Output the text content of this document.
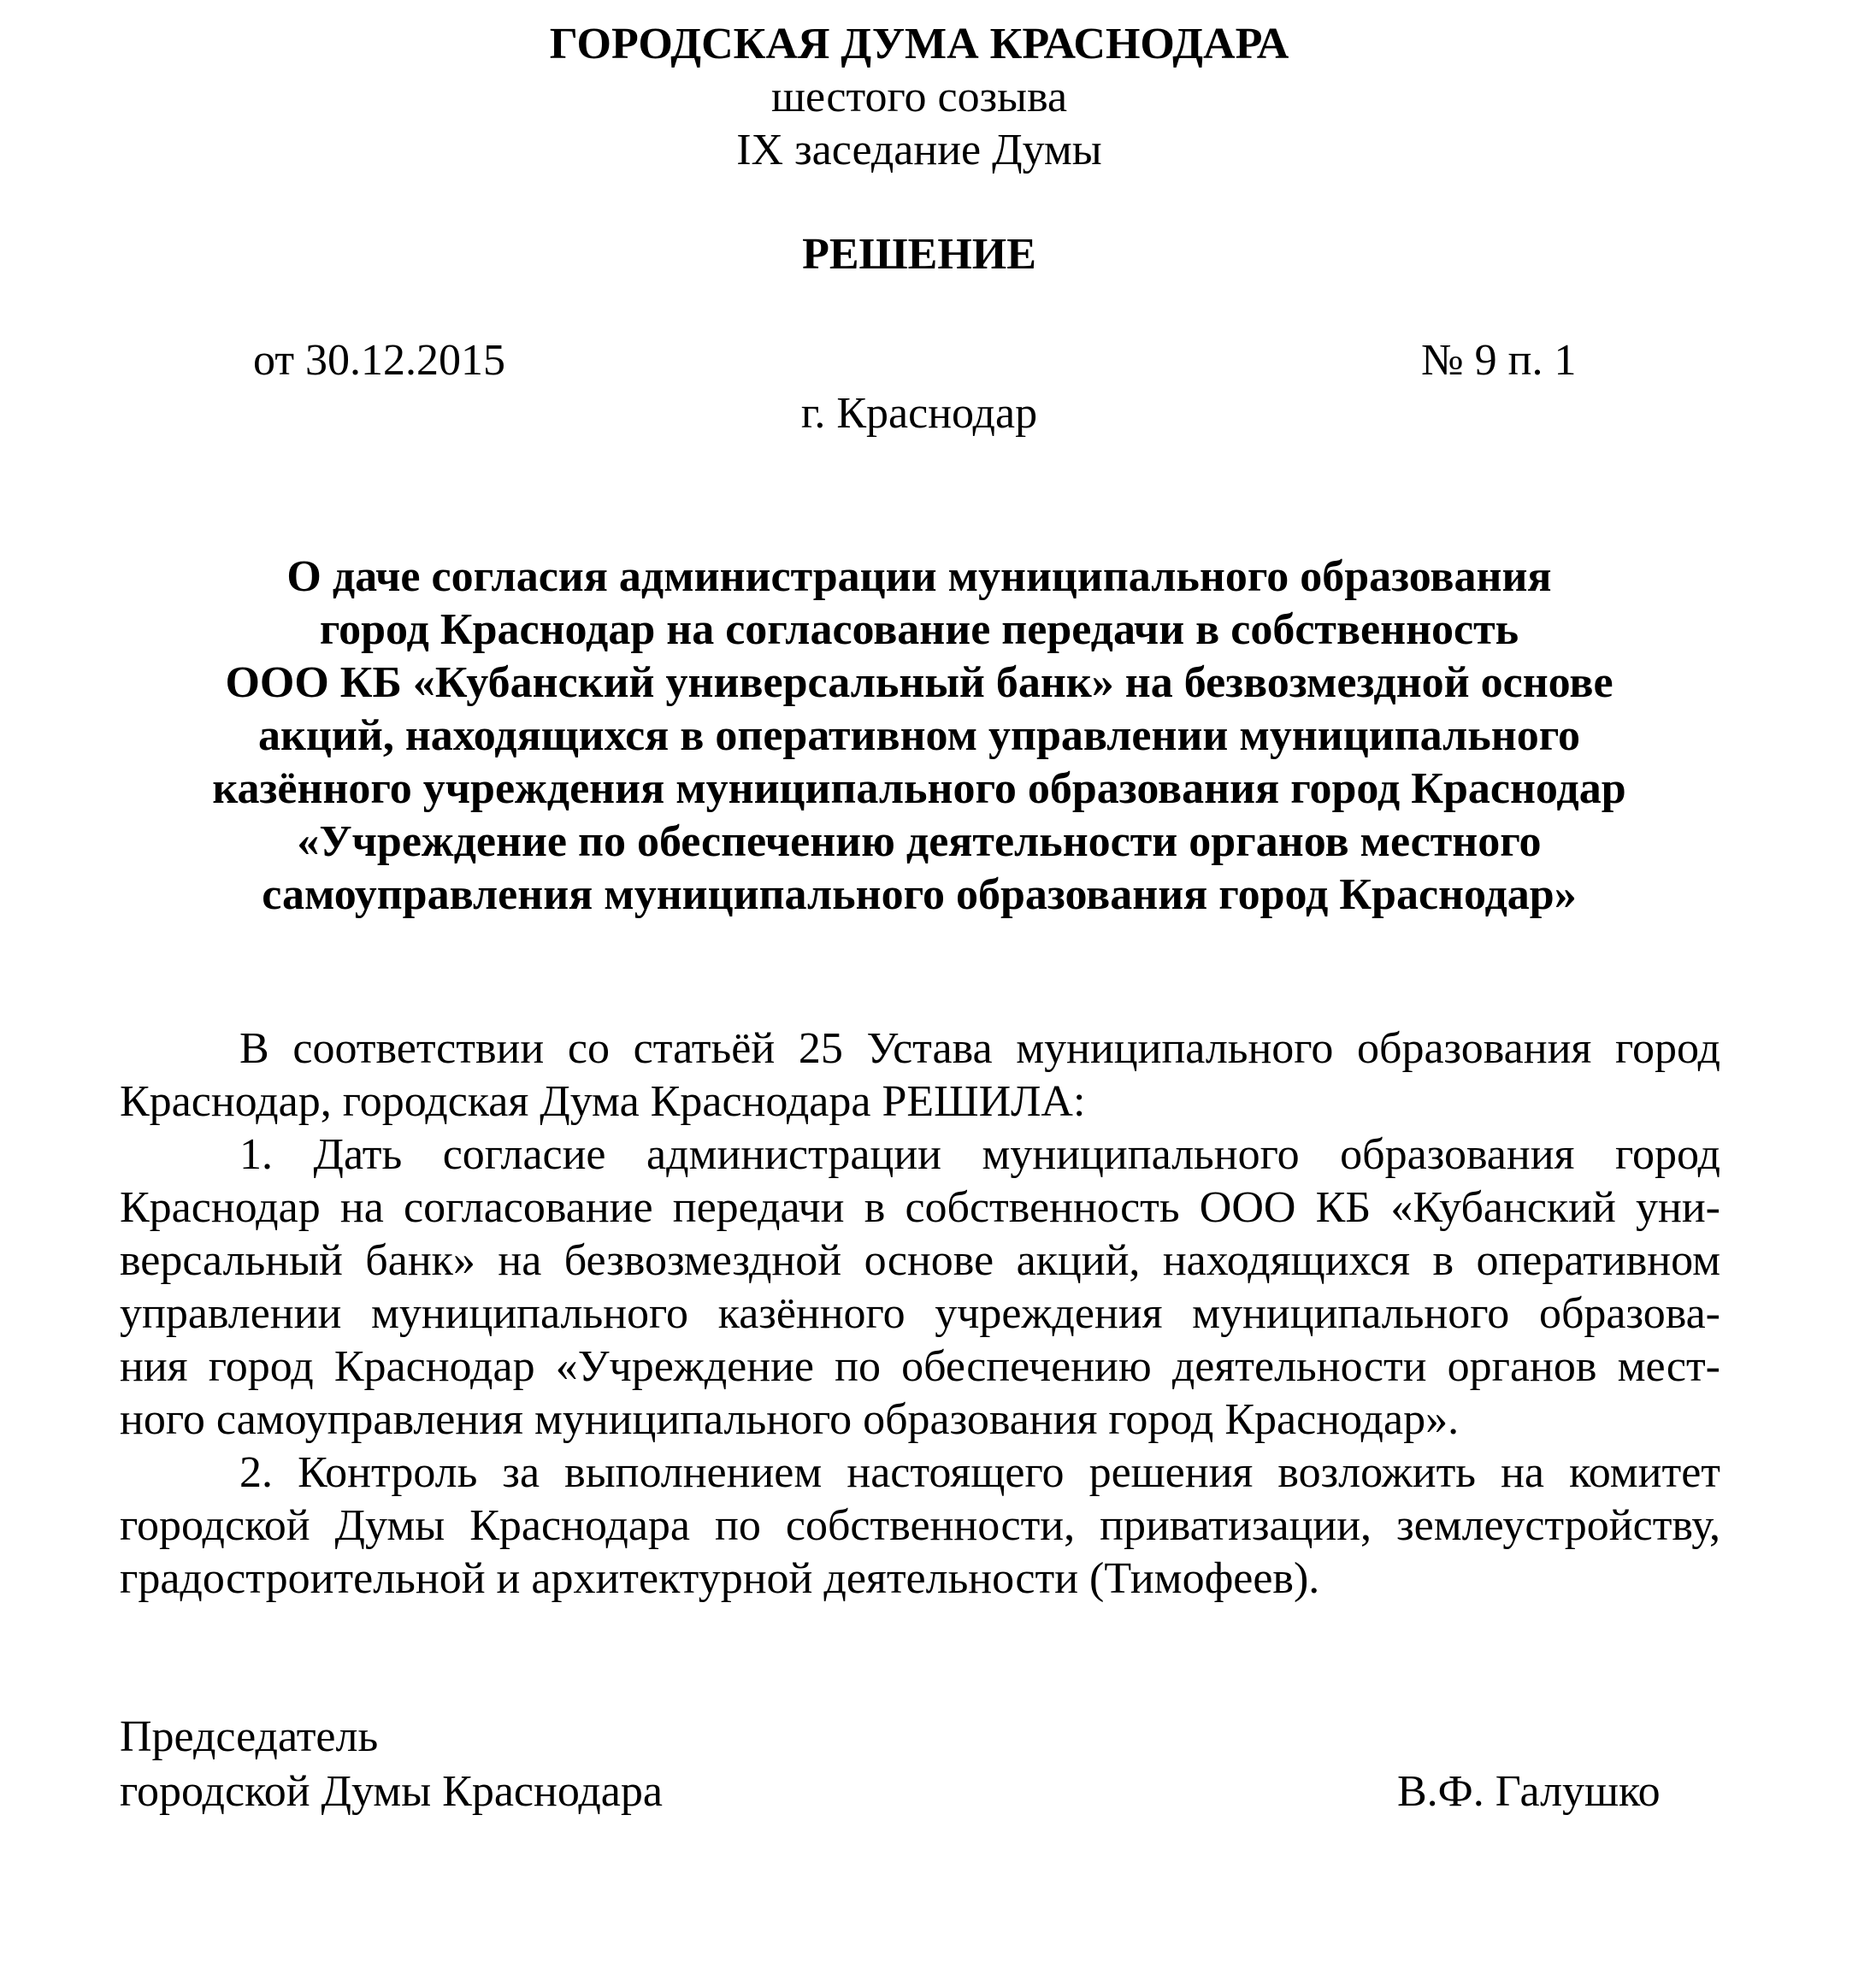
ГОРОДСКАЯ ДУМА КРАСНОДАРА
шестого созыва
IX заседание Думы
РЕШЕНИЕ
от 30.12.2015	№ 9 п. 1
г. Краснодар
О даче согласия администрации муниципального образования
город Краснодар на согласование передачи в собственность
ООО КБ «Кубанский универсальный банк» на безвозмездной основе
акций, находящихся в оперативном управлении муниципального
казённого учреждения муниципального образования город Краснодар
«Учреждение по обеспечению деятельности органов местного
самоуправления муниципального образования город Краснодар»
В соответствии со статьёй 25 Устава муниципального образования город
Краснодар, городская Дума Краснодара РЕШИЛА:
1. Дать согласие администрации муниципального образования город
Краснодар на согласование передачи в собственность ООО КБ «Кубанский уни-
версальный банк» на безвозмездной основе акций, находящихся в оперативном
управлении муниципального казённого учреждения муниципального образова-
ния город Краснодар «Учреждение по обеспечению деятельности органов мест-
ного самоуправления муниципального образования город Краснодар».
2. Контроль за выполнением настоящего решения возложить на комитет
городской Думы Краснодара по собственности, приватизации, землеустройству,
градостроительной и архитектурной деятельности (Тимофеев).
Председатель
городской Думы Краснодара	В.Ф. Галушко
